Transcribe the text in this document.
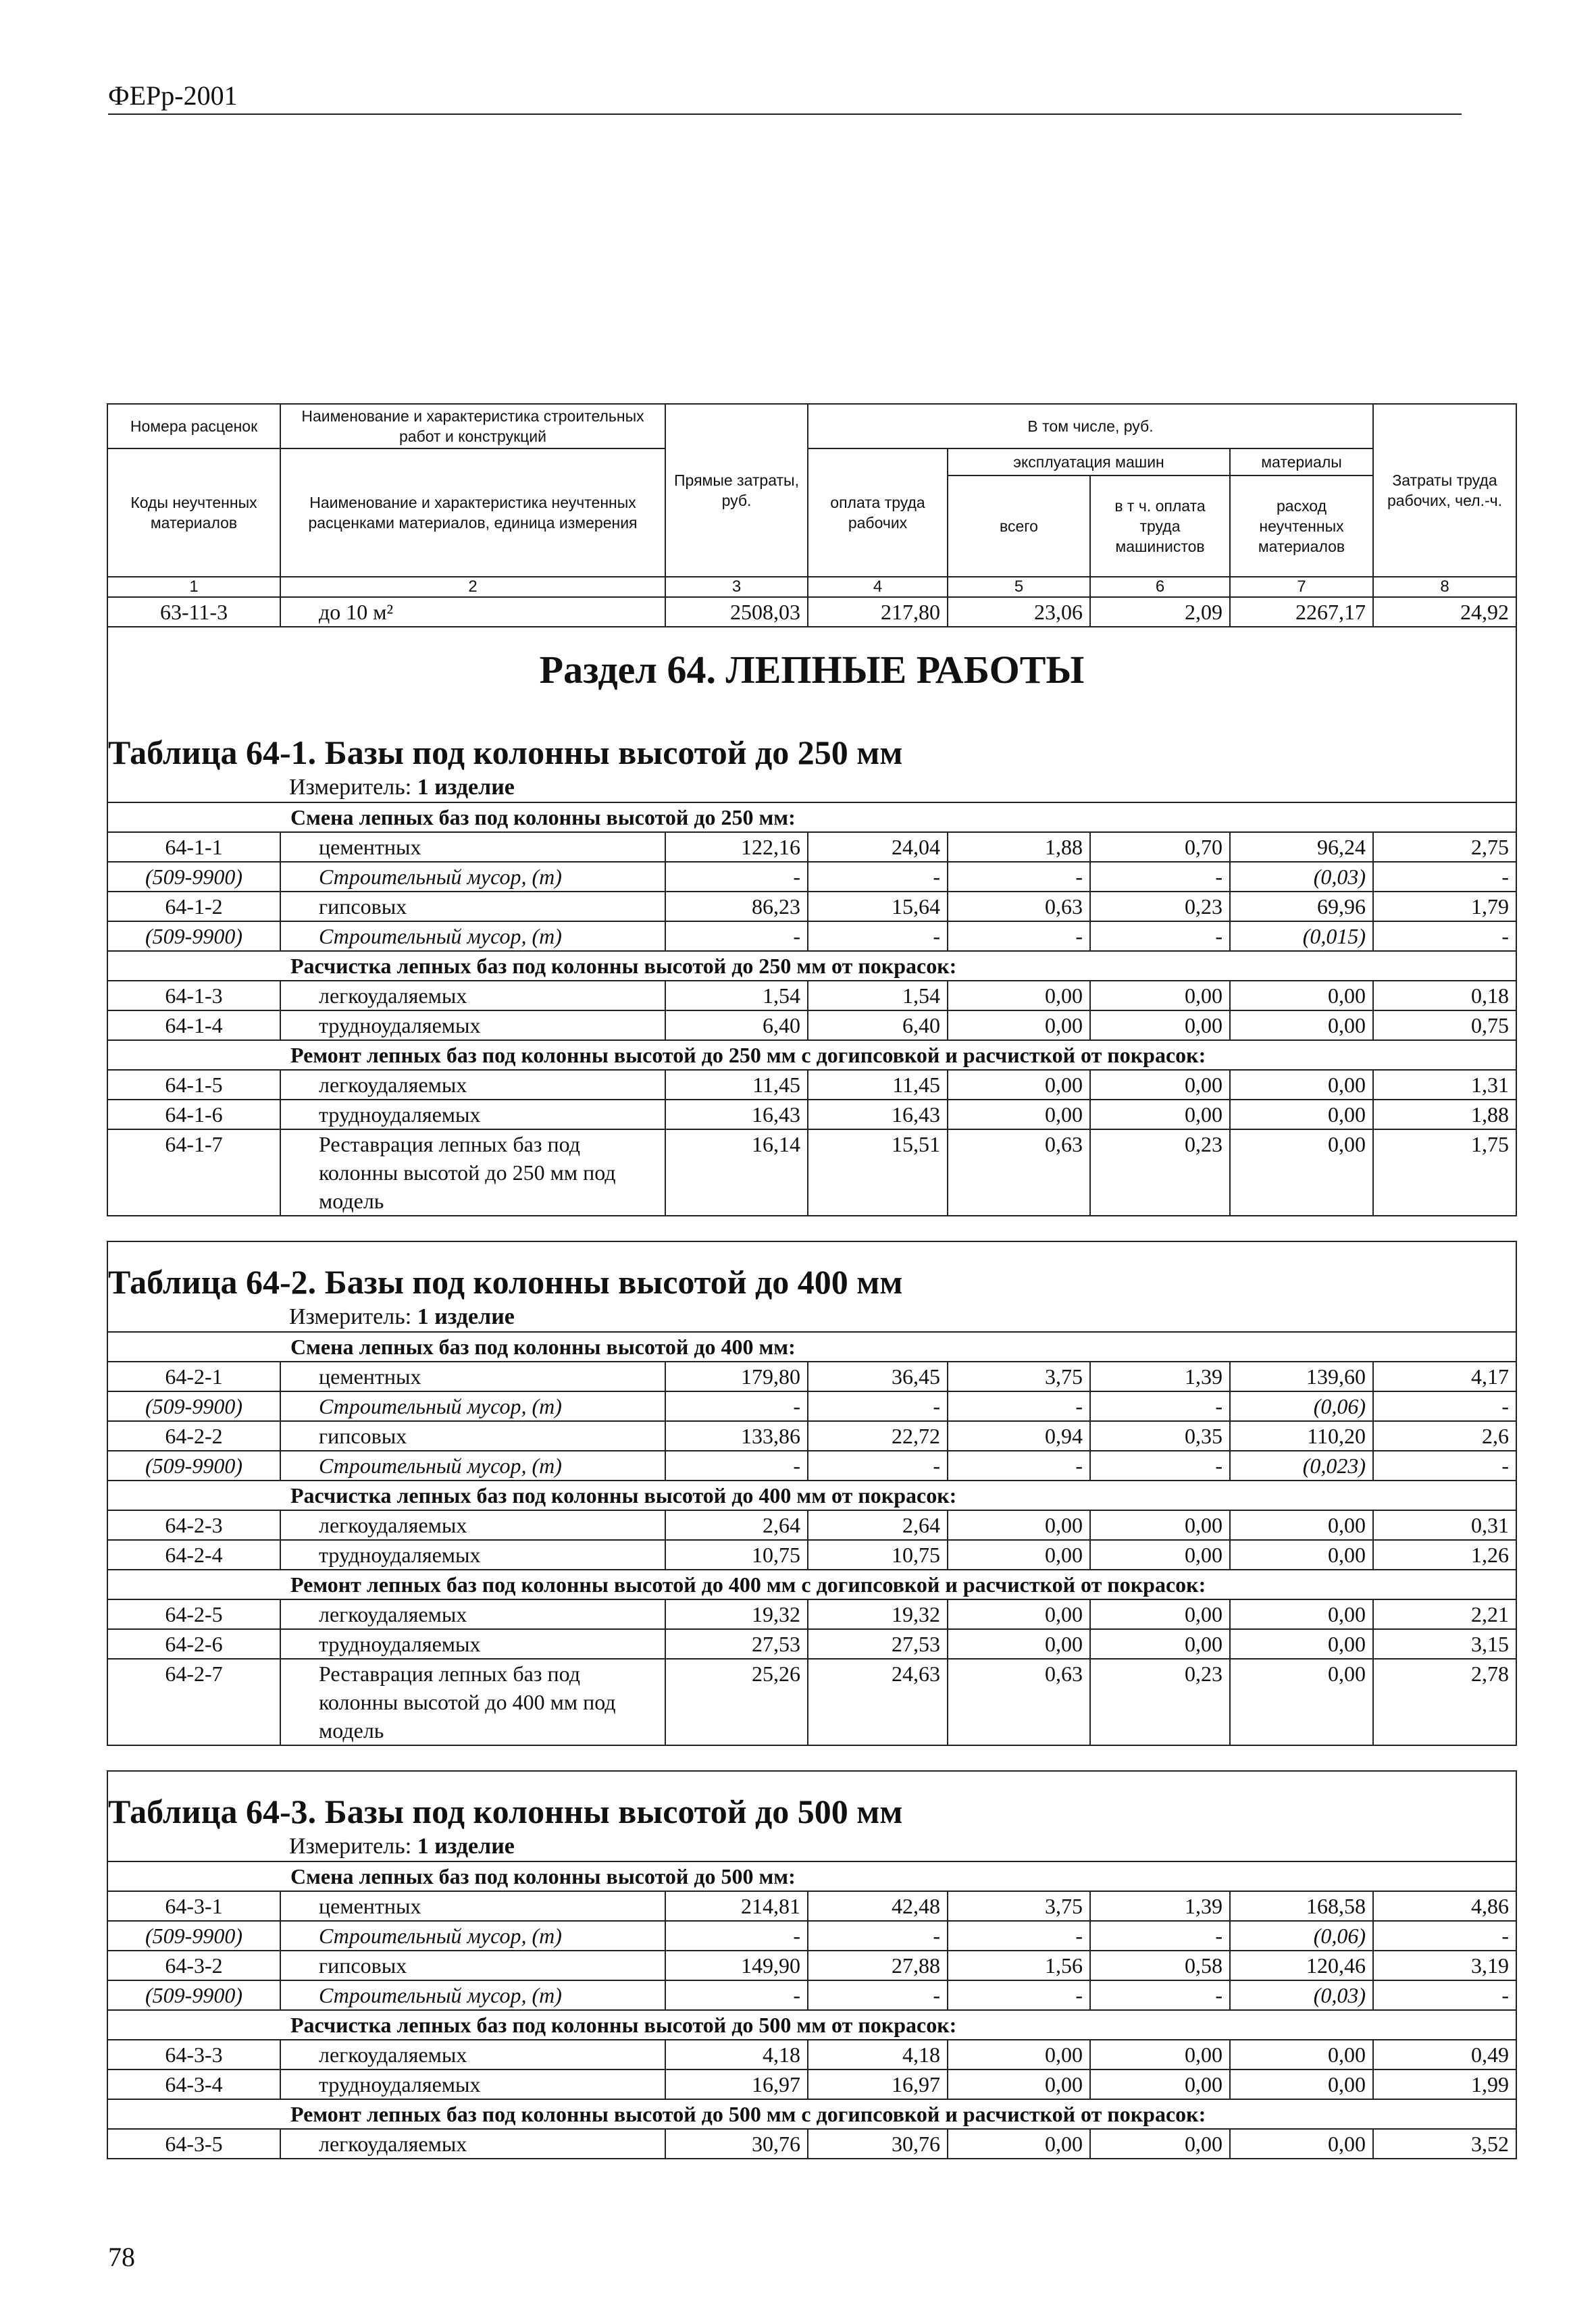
ФЕРр-2001
Номера расценок	Наименование и характеристика строительных работ и конструкций	Прямые затраты, руб.	В том числе, руб.				Затраты труда рабочих, чел.-ч.
Коды неучтенных материалов	Наименование и характеристика неучтенных расценками материалов, единица измерения		оплата труда рабочих	эксплуатация машин		материалы	
				всего	в т ч. оплата труда машинистов	расход неучтенных материалов	
1	2	3	4	5	6	7	8
63-11-3	до 10 м²	2508,03	217,80	23,06	2,09	2267,17	24,92
Раздел 64. ЛЕПНЫЕ РАБОТЫ							
Таблица 64-1. Базы под колонны высотой до 250 мм							
Измеритель: 1 изделие							
Смена лепных баз под колонны высотой до 250 мм:							
64-1-1	цементных	122,16	24,04	1,88	0,70	96,24	2,75
(509-9900)	Строительный мусор, (т)	-	-	-	-	(0,03)	-
64-1-2	гипсовых	86,23	15,64	0,63	0,23	69,96	1,79
(509-9900)	Строительный мусор, (т)	-	-	-	-	(0,015)	-
Расчистка лепных баз под колонны высотой до 250 мм от покрасок:							
64-1-3	легкоудаляемых	1,54	1,54	0,00	0,00	0,00	0,18
64-1-4	трудноудаляемых	6,40	6,40	0,00	0,00	0,00	0,75
Ремонт лепных баз под колонны высотой до 250 мм с догипсовкой и расчисткой от покрасок:							
64-1-5	легкоудаляемых	11,45	11,45	0,00	0,00	0,00	1,31
64-1-6	трудноудаляемых	16,43	16,43	0,00	0,00	0,00	1,88
64-1-7	Реставрация лепных баз под колонны высотой до 250 мм под модель	16,14	15,51	0,63	0,23	0,00	1,75

Таблица 64-2. Базы под колонны высотой до 400 мм							
Измеритель: 1 изделие							
Смена лепных баз под колонны высотой до 400 мм:							
64-2-1	цементных	179,80	36,45	3,75	1,39	139,60	4,17
(509-9900)	Строительный мусор, (т)	-	-	-	-	(0,06)	-
64-2-2	гипсовых	133,86	22,72	0,94	0,35	110,20	2,6
(509-9900)	Строительный мусор, (т)	-	-	-	-	(0,023)	-
Расчистка лепных баз под колонны высотой до 400 мм от покрасок:							
64-2-3	легкоудаляемых	2,64	2,64	0,00	0,00	0,00	0,31
64-2-4	трудноудаляемых	10,75	10,75	0,00	0,00	0,00	1,26
Ремонт лепных баз под колонны высотой до 400 мм с догипсовкой и расчисткой от покрасок:							
64-2-5	легкоудаляемых	19,32	19,32	0,00	0,00	0,00	2,21
64-2-6	трудноудаляемых	27,53	27,53	0,00	0,00	0,00	3,15
64-2-7	Реставрация лепных баз под колонны высотой до 400 мм под модель	25,26	24,63	0,63	0,23	0,00	2,78

Таблица 64-3. Базы под колонны высотой до 500 мм							
Измеритель: 1 изделие							
Смена лепных баз под колонны высотой до 500 мм:							
64-3-1	цементных	214,81	42,48	3,75	1,39	168,58	4,86
(509-9900)	Строительный мусор, (т)	-	-	-	-	(0,06)	-
64-3-2	гипсовых	149,90	27,88	1,56	0,58	120,46	3,19
(509-9900)	Строительный мусор, (т)	-	-	-	-	(0,03)	-
Расчистка лепных баз под колонны высотой до 500 мм от покрасок:							
64-3-3	легкоудаляемых	4,18	4,18	0,00	0,00	0,00	0,49
64-3-4	трудноудаляемых	16,97	16,97	0,00	0,00	0,00	1,99
Ремонт лепных баз под колонны высотой до 500 мм с догипсовкой и расчисткой от покрасок:							
64-3-5	легкоудаляемых	30,76	30,76	0,00	0,00	0,00	3,52
78
